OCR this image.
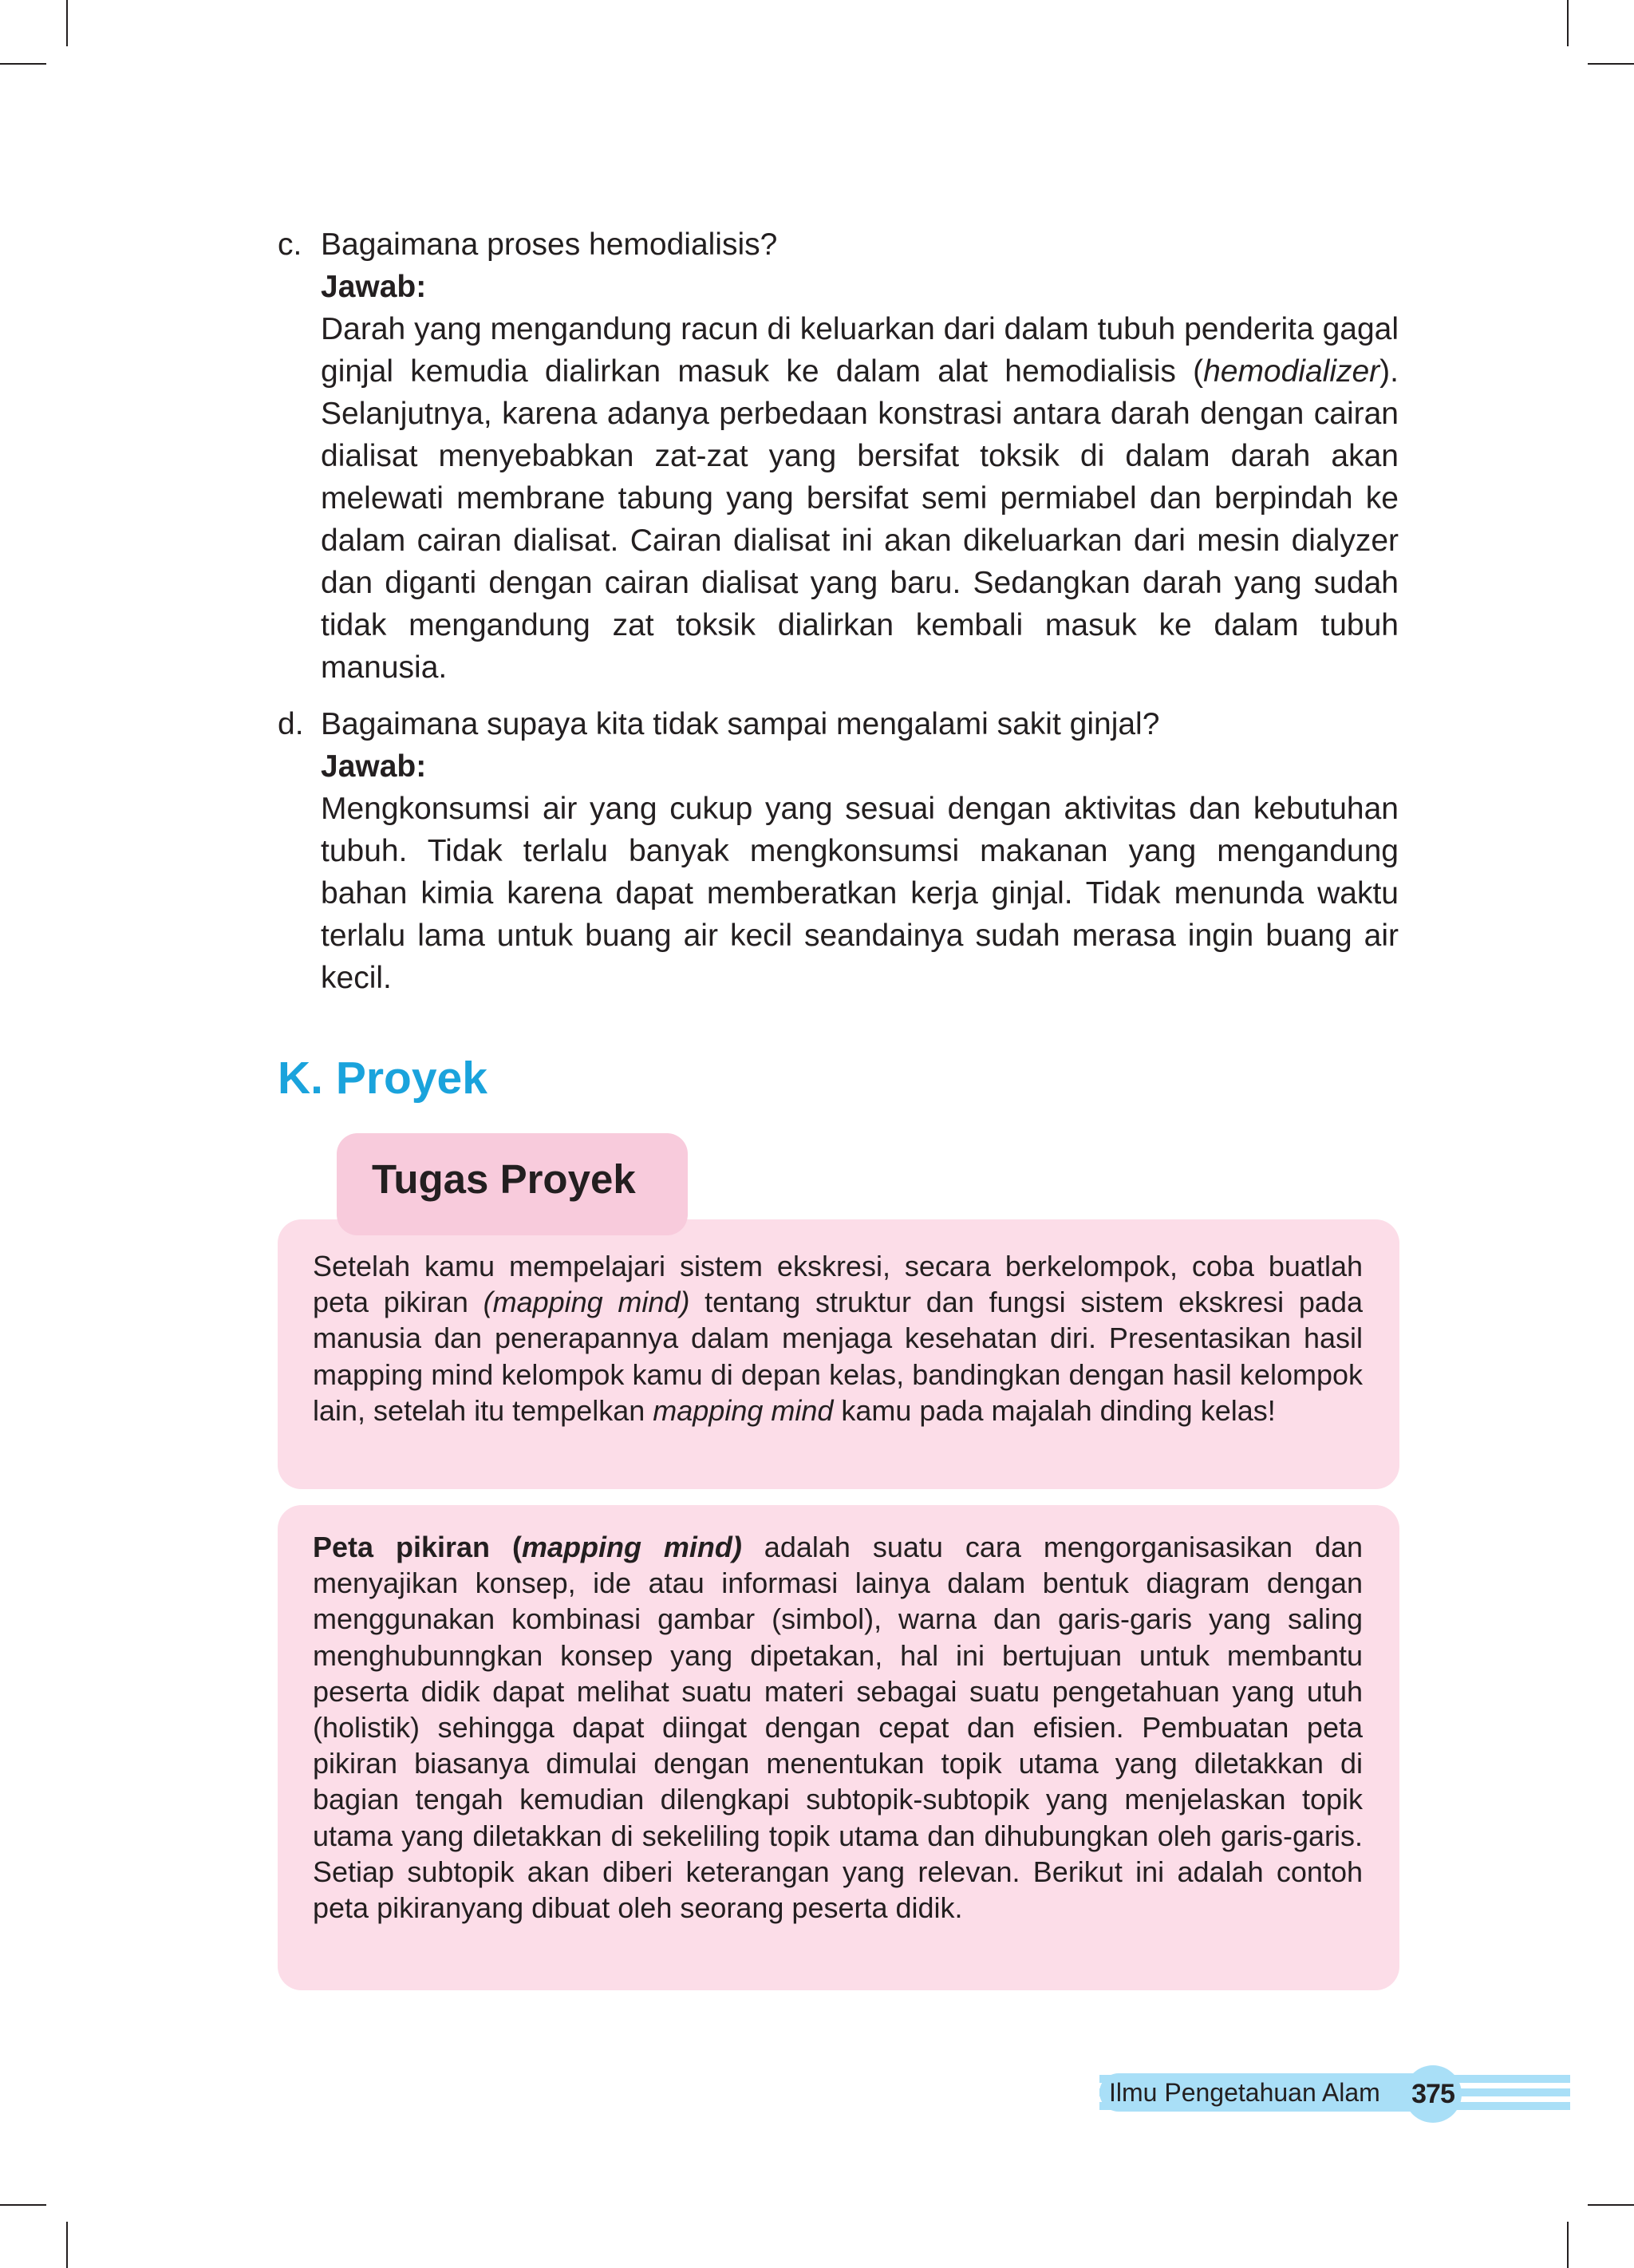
c. Bagaimana proses hemodialisis?
Jawab:
Darah yang mengandung racun di keluarkan dari dalam tubuh penderita gagal ginjal kemudia dialirkan masuk ke dalam alat hemodialisis (hemodializer). Selanjutnya, karena adanya perbedaan konstrasi antara darah dengan cairan dialisat menyebabkan zat-zat yang bersifat toksik di dalam darah akan melewati membrane tabung yang bersifat semi permiabel dan berpindah ke dalam cairan dialisat. Cairan dialisat ini akan dikeluarkan dari mesin dialyzer dan diganti dengan cairan dialisat yang baru. Sedangkan darah yang sudah tidak mengandung zat toksik dialirkan kembali masuk ke dalam tubuh manusia.
d. Bagaimana supaya kita tidak sampai mengalami sakit ginjal?
Jawab:
Mengkonsumsi air yang cukup yang sesuai dengan aktivitas dan kebutuhan tubuh. Tidak terlalu banyak mengkonsumsi makanan yang mengandung bahan kimia karena dapat memberatkan kerja ginjal. Tidak menunda waktu terlalu lama untuk buang air kecil seandainya sudah merasa ingin buang air kecil.
K. Proyek
Setelah kamu mempelajari sistem ekskresi, secara berkelompok, coba buatlah peta pikiran (mapping mind) tentang struktur dan fungsi sistem ekskresi pada manusia dan penerapannya dalam menjaga kesehatan diri. Presentasikan hasil mapping mind kelompok kamu di depan kelas, bandingkan dengan hasil kelompok lain, setelah itu tempelkan mapping mind kamu pada majalah dinding kelas!
Tugas Proyek
Peta pikiran (mapping mind) adalah suatu cara mengorganisasikan dan menyajikan konsep, ide atau informasi lainya dalam bentuk diagram dengan menggunakan kombinasi gambar (simbol), warna dan garis-garis yang saling menghubunngkan konsep yang dipetakan, hal ini bertujuan untuk membantu peserta didik dapat melihat suatu materi sebagai suatu pengetahuan yang utuh (holistik) sehingga dapat diingat dengan cepat dan efisien. Pembuatan peta pikiran biasanya dimulai dengan menentukan topik utama yang diletakkan di bagian tengah kemudian dilengkapi subtopik-subtopik yang menjelaskan topik utama yang diletakkan di sekeliling topik utama dan dihubungkan oleh garis-garis. Setiap subtopik akan diberi keterangan yang relevan. Berikut ini adalah contoh peta pikiranyang dibuat oleh seorang peserta didik.
Ilmu Pengetahuan Alam	375
